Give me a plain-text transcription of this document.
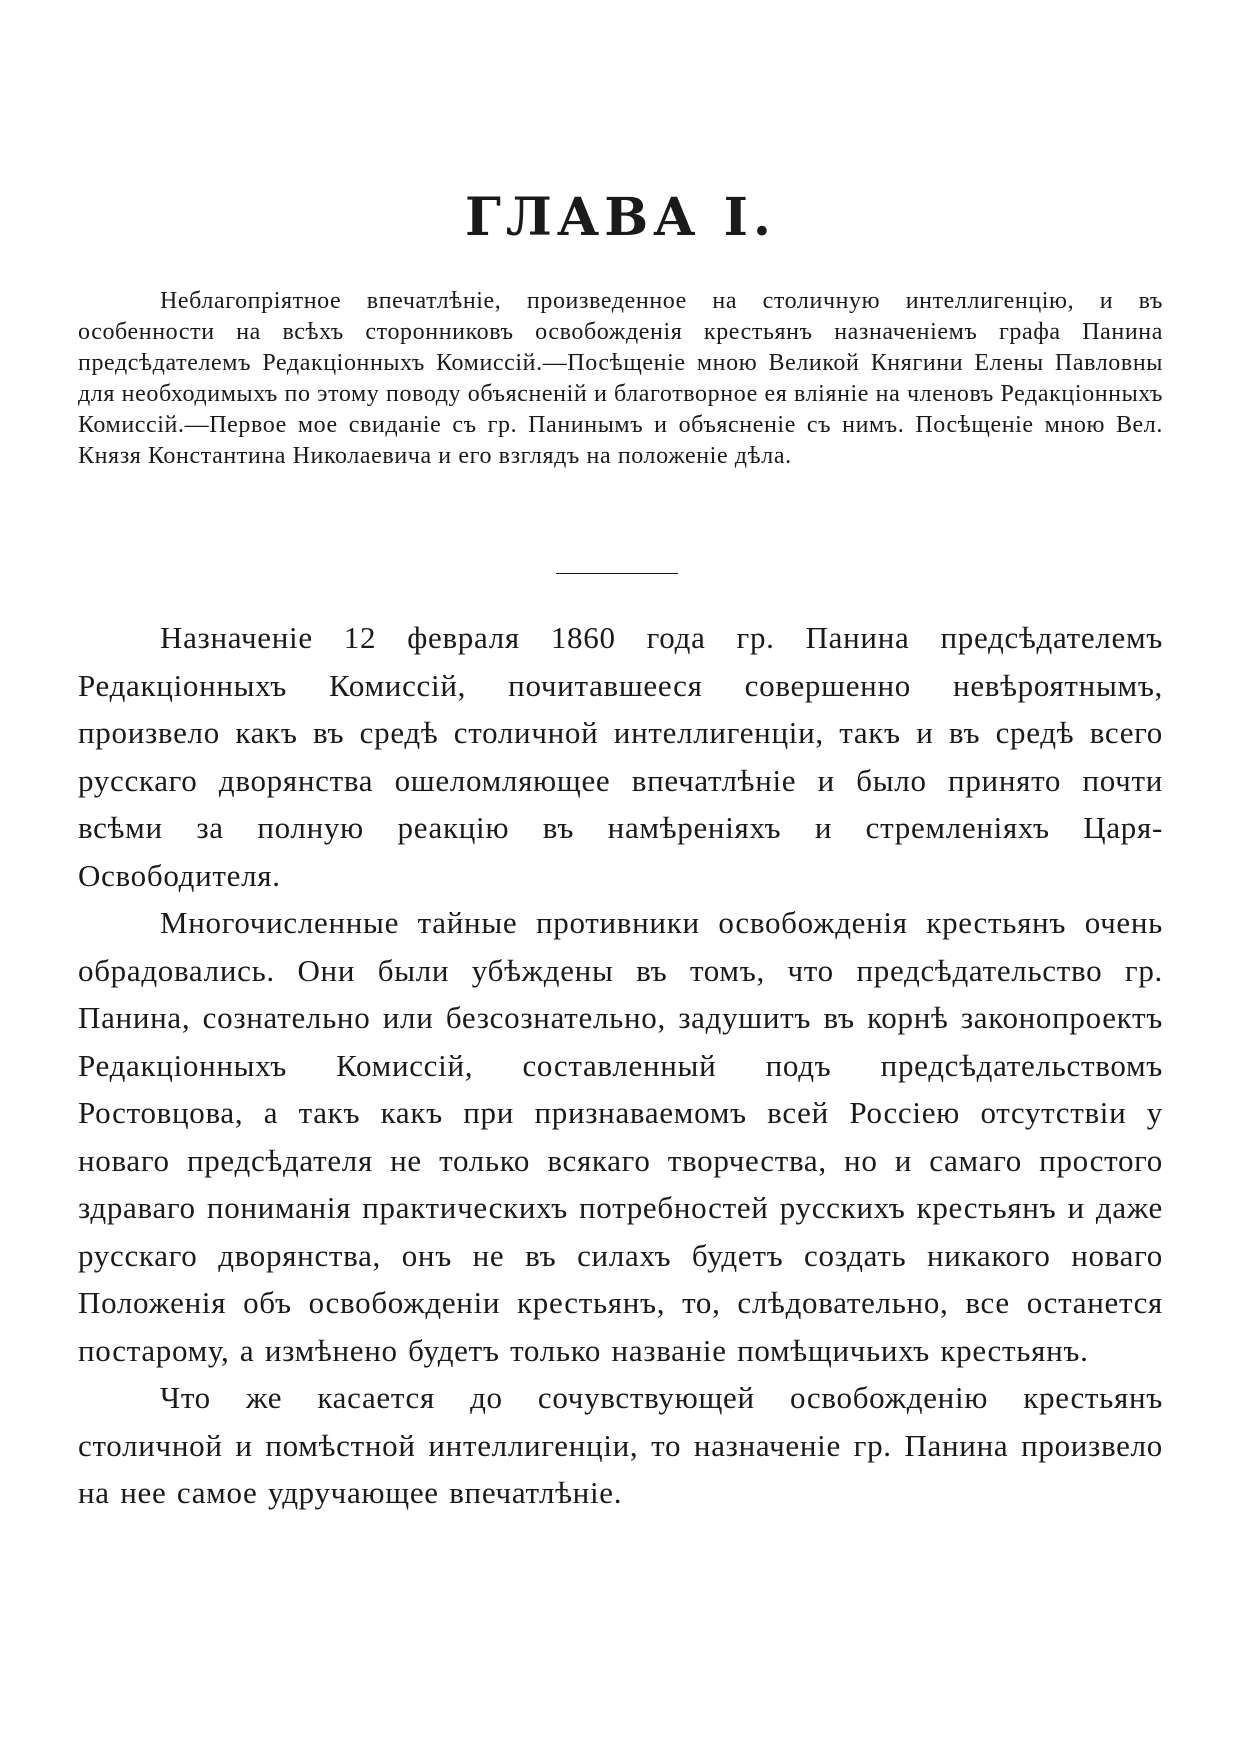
ГЛАВА I.

Неблагопріятное впечатлѣніе, произведенное на столичную интеллигенцію, и въ особенности на всѣхъ сторонниковъ освобожденія крестьянъ назначеніемъ графа Панина предсѣдателемъ Редакціонныхъ Комиссій.—Посѣщеніе мною Великой Княгини Елены Павловны для необходимыхъ по этому поводу объясненій и благотворное ея вліяніе на членовъ Редакціонныхъ Комиссій.—Первое мое свиданіе съ гр. Панинымъ и объясненіе съ нимъ. Посѣщеніе мною Вел. Князя Константина Николаевича и его взглядъ на положеніе дѣла.

Назначеніе 12 февраля 1860 года гр. Панина предсѣдателемъ Редакціонныхъ Комиссій, почитавшееся совершенно невѣроятнымъ, произвело какъ въ средѣ столичной интеллигенціи, такъ и въ средѣ всего русскаго дворянства ошеломляющее впечатлѣніе и было принято почти всѣми за полную реакцію въ намѣреніяхъ и стремленіяхъ Царя-Освободителя.

Многочисленные тайные противники освобожденія крестьянъ очень обрадовались. Они были убѣждены въ томъ, что предсѣдательство гр. Панина, сознательно или безсознательно, задушитъ въ корнѣ законопроектъ Редакціонныхъ Комиссій, составленный подъ предсѣдательствомъ Ростовцова, а такъ какъ при признаваемомъ всей Россіею отсутствіи у новаго предсѣдателя не только всякаго творчества, но и самаго простого здраваго пониманія практическихъ потребностей русскихъ крестьянъ и даже русскаго дворянства, онъ не въ силахъ будетъ создать никакого новаго Положенія объ освобожденіи крестьянъ, то, слѣдовательно, все останется постарому, а измѣнено будетъ только названіе помѣщичьихъ крестьянъ.

Что же касается до сочувствующей освобожденію крестьянъ столичной и помѣстной интеллигенціи, то назначеніе гр. Панина произвело на нее самое удручающее впечатлѣніе.
